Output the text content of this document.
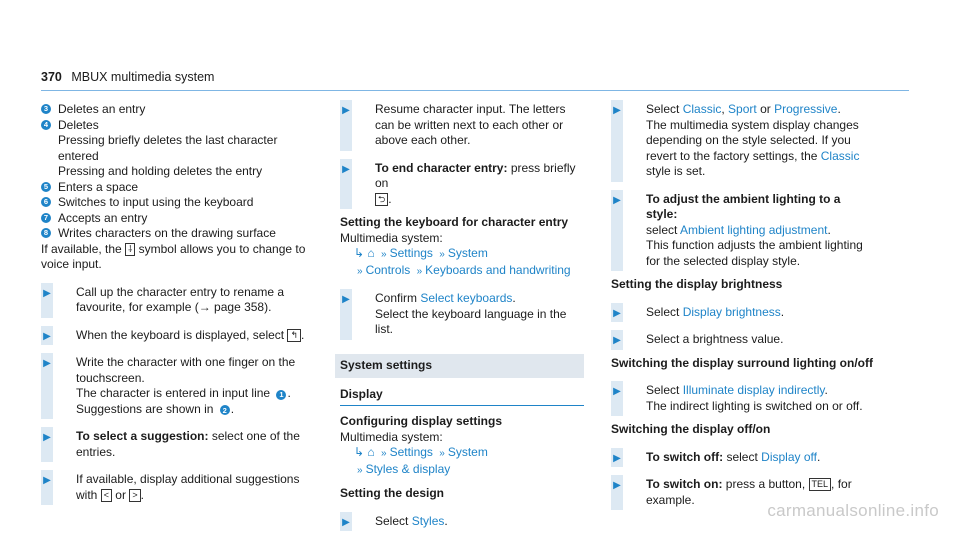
370 MBUX multimedia system
3 Deletes an entry
4 Deletes
Pressing briefly deletes the last character entered
Pressing and holding deletes the entry
5 Enters a space
6 Switches to input using the keyboard
7 Accepts an entry
8 Writes characters on the drawing surface
If available, the ⸸ symbol allows you to change to voice input.
▶ Call up the character entry to rename a favourite, for example (→ page 358).
▶ When the keyboard is displayed, select ↰ .
▶ Write the character with one finger on the touchscreen.
The character is entered in input line 1 .
Suggestions are shown in 2 .
▶ To select a suggestion: select one of the entries.
▶ If available, display additional suggestions with < or > .
▶ Resume character input. The letters can be written next to each other or above each other.
▶ To end character entry: press briefly on
⮌ .
Setting the keyboard for character entry
Multimedia system:
↳ ⌂ » Settings » System
» Controls » Keyboards and handwriting
▶ Confirm Select keyboards.
Select the keyboard language in the list.
System settings
Display
Configuring display settings
Multimedia system:
↳ ⌂ » Settings » System
» Styles & display
Setting the design
▶ Select Styles.
▶ Select Classic, Sport or Progressive.
The multimedia system display changes depending on the style selected. If you revert to the factory settings, the Classic style is set.
▶ To adjust the ambient lighting to a style:
select Ambient lighting adjustment.
This function adjusts the ambient lighting for the selected display style.
Setting the display brightness
▶ Select Display brightness.
▶ Select a brightness value.
Switching the display surround lighting on/off
▶ Select Illuminate display indirectly.
The indirect lighting is switched on or off.
Switching the display off/on
▶ To switch off: select Display off.
▶ To switch on: press a button, TEL , for example.
carmanualsonline.info
